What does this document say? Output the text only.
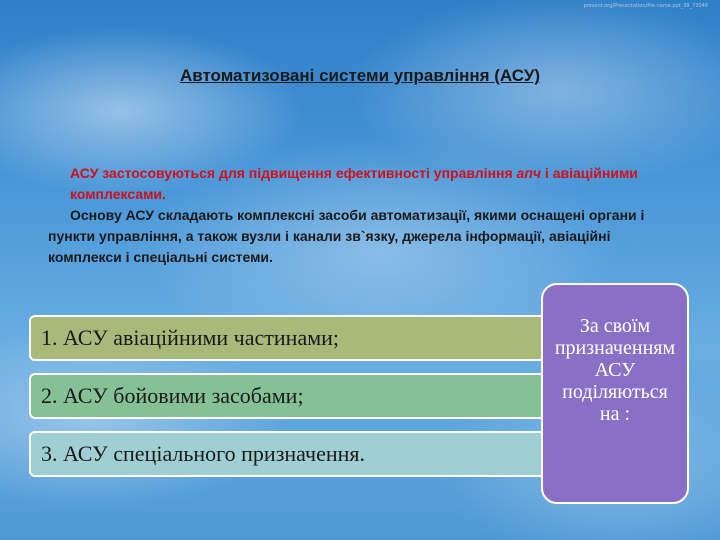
present.org/Presentation/file-name.ppt_39_73048
Автоматизовані системи управління (АСУ)

АСУ застосовуються для підвищення ефективності управління апч і авіаційними комплексами.

Основу АСУ складають комплексні засоби автоматизації, якими оснащені органи і пункти управління, а також вузли і канали зв`язку, джерела інформації, авіаційні комплекси і спеціальні системи.

1. АСУ авіаційними частинами;
2. АСУ бойовими засобами;
3. АСУ спеціального призначення.
За своїм
призначенням
АСУ
поділяються
на :
